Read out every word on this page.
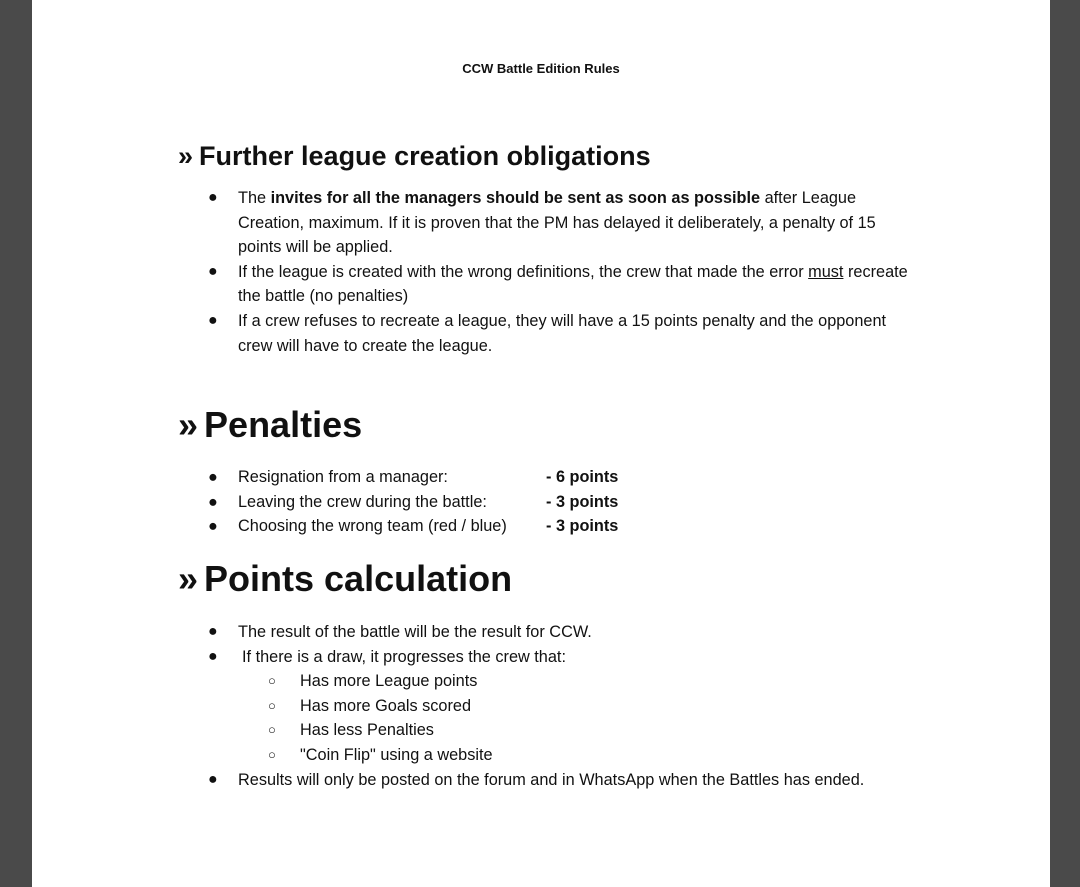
CCW Battle Edition Rules
» Further league creation obligations
● The invites for all the managers should be sent as soon as possible after League Creation, maximum. If it is proven that the PM has delayed it deliberately, a penalty of 15 points will be applied.
● If the league is created with the wrong definitions, the crew that made the error must recreate the battle (no penalties)
● If a crew refuses to recreate a league, they will have a 15 points penalty and the opponent crew will have to create the league.
» Penalties
● Resignation from a manager:	- 6 points
● Leaving the crew during the battle:	- 3 points
● Choosing the wrong team (red / blue) - 3 points
» Points calculation
● The result of the battle will be the result for CCW.
● If there is a draw, it progresses the crew that:
○ Has more League points
○ Has more Goals scored
○ Has less Penalties
○ "Coin Flip" using a website
● Results will only be posted on the forum and in WhatsApp when the Battles has ended.
